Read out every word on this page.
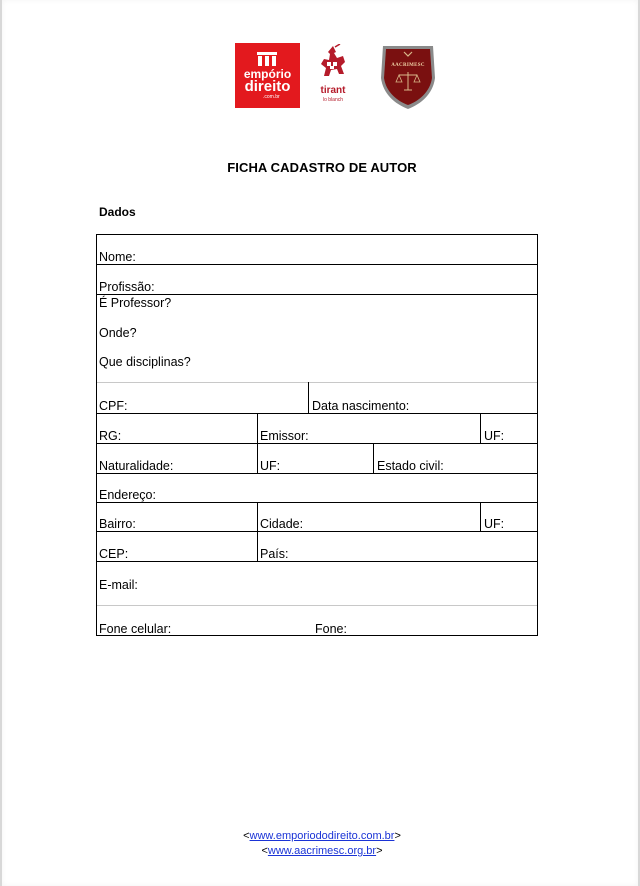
empório
direito
.com.br
tirant
lo blanch
AACRIMESC
FICHA CADASTRO DE AUTOR
Dados
Nome:
Profissão:
É Professor?
Onde?
Que disciplinas?
CPF:	Data nascimento:
RG:	Emissor:	UF:
Naturalidade:	UF:	Estado civil:
Endereço:
Bairro:	Cidade:	UF:
CEP:	País:
E-mail:
Fone celular:	Fone:
<www.emporiododireito.com.br>
<www.aacrimesc.org.br>
